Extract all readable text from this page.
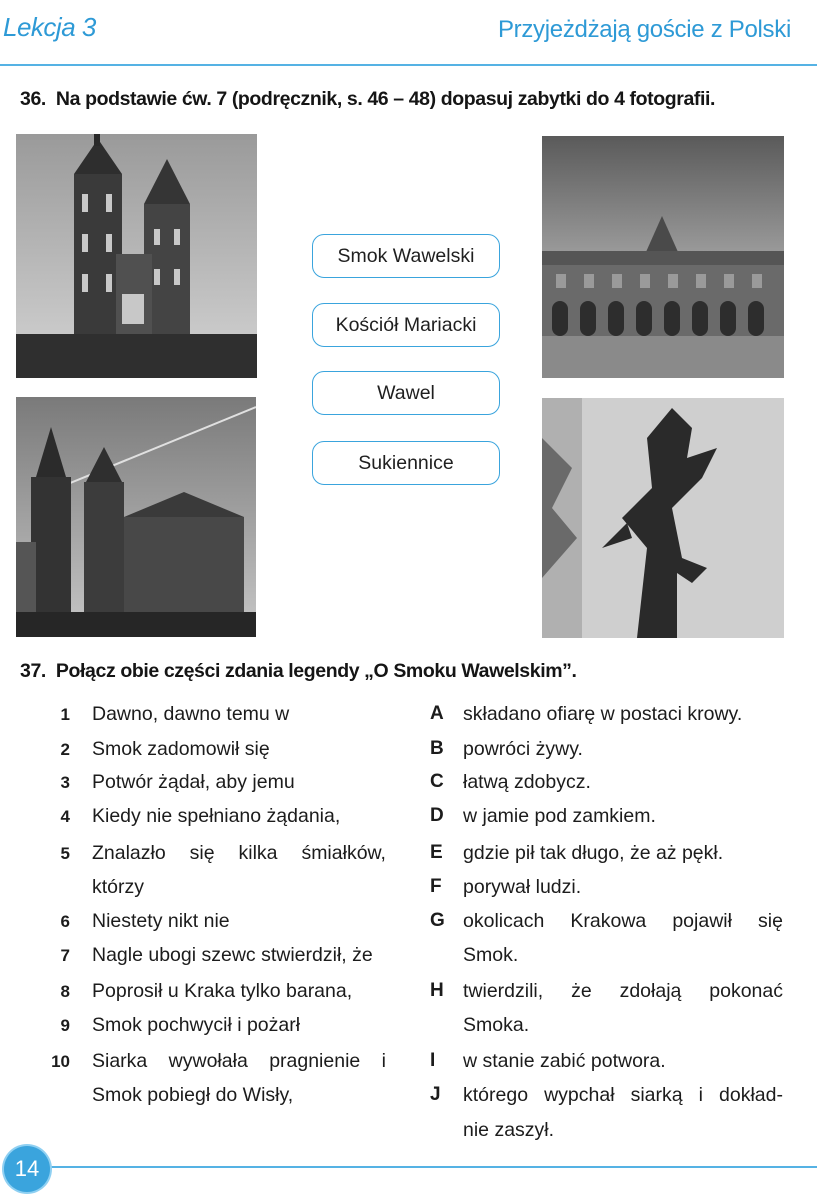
Lekcja 3	Przyjeżdżają goście z Polski
36. Na podstawie ćw. 7 (podręcznik, s. 46 – 48) dopasuj zabytki do 4 fotografii.
Smok Wawelski
Kościół Mariacki
Wawel
Sukiennice
37. Połącz obie części zdania legendy „O Smoku Wawelskim”.
14
1 Dawno, dawno temu w
2 Smok zadomowił się
3 Potwór żądał, aby jemu
4 Kiedy nie spełniano żądania,
5 Znalazło się kilka śmiałków,
którzy
6 Niestety nikt nie
7 Nagle ubogi szewc stwierdził, że
8 Poprosił u Kraka tylko barana,
9 Smok pochwycił i pożarł
10 Siarka wywołała pragnienie i
Smok pobiegł do Wisły,
A składano ofiarę w postaci krowy.
B powróci żywy.
C łatwą zdobycz.
D w jamie pod zamkiem.
E	gdzie pił tak długo, że aż pękł.
F	porywał ludzi.
G okolicach Krakowa pojawił się
Smok.
H twierdzili, że zdołają pokonać
Smoka.
I	w stanie zabić potwora.
J	którego wypchał siarką i dokład-
nie zaszył.
